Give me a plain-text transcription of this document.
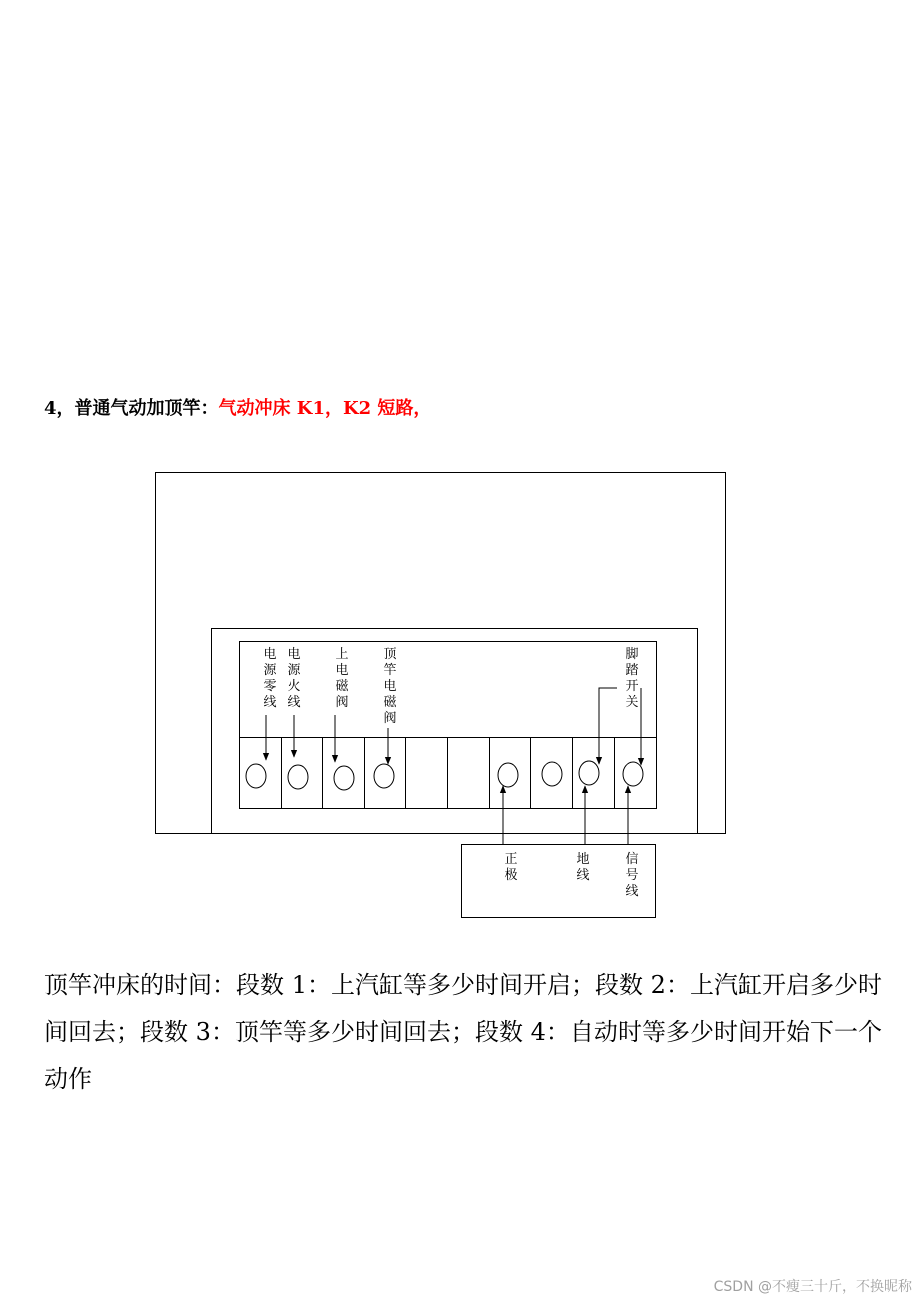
4，普通气动加顶竿：气动冲床 K1，K2 短路，

电源零线
电源火线
上电磁阀
顶竿电磁阀
脚踏开关
正极
地线
信号线

顶竿冲床的时间：段数 1：上汽缸等多少时间开启；段数 2：上汽缸开启多少时间回去；段数 3：顶竿等多少时间回去；段数 4：自动时等多少时间开始下一个动作

CSDN @不瘦三十斤，不换昵称
